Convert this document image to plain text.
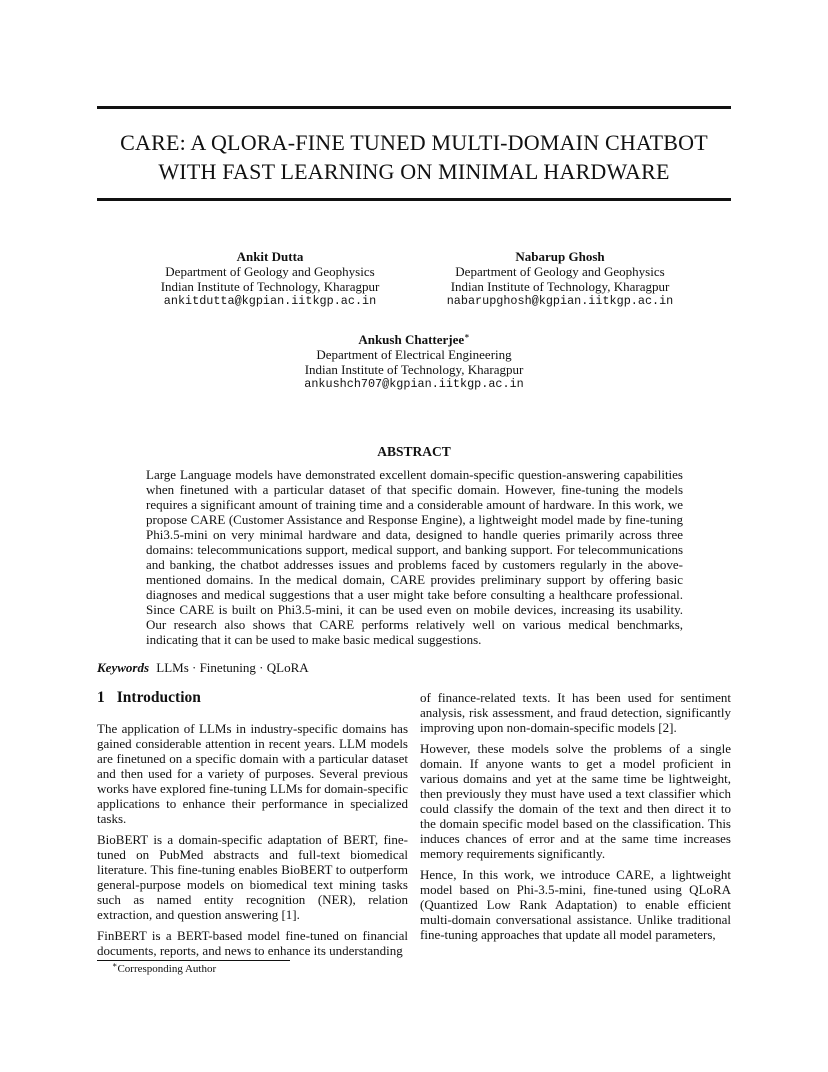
CARE: A QLORA-FINE TUNED MULTI-DOMAIN CHATBOT
WITH FAST LEARNING ON MINIMAL HARDWARE
Ankit Dutta
Department of Geology and Geophysics
Indian Institute of Technology, Kharagpur
ankitdutta@kgpian.iitkgp.ac.in
Nabarup Ghosh
Department of Geology and Geophysics
Indian Institute of Technology, Kharagpur
nabarupghosh@kgpian.iitkgp.ac.in
Ankush Chatterjee∗
Department of Electrical Engineering
Indian Institute of Technology, Kharagpur
ankushch707@kgpian.iitkgp.ac.in
ABSTRACT
Large Language models have demonstrated excellent domain-specific question-answering capabilities when finetuned with a particular dataset of that specific domain. However, fine-tuning the models requires a significant amount of training time and a considerable amount of hardware. In this work, we propose CARE (Customer Assistance and Response Engine), a lightweight model made by fine-tuning Phi3.5-mini on very minimal hardware and data, designed to handle queries primarily across three domains: telecommunications support, medical support, and banking support. For telecommunications and banking, the chatbot addresses issues and problems faced by customers regularly in the above-mentioned domains. In the medical domain, CARE provides preliminary support by offering basic diagnoses and medical suggestions that a user might take before consulting a healthcare professional. Since CARE is built on Phi3.5-mini, it can be used even on mobile devices, increasing its usability. Our research also shows that CARE performs relatively well on various medical benchmarks, indicating that it can be used to make basic medical suggestions.
Keywords LLMs · Finetuning · QLoRA
1 Introduction

The application of LLMs in industry-specific domains has gained considerable attention in recent years. LLM models are finetuned on a specific domain with a particular dataset and then used for a variety of purposes. Several previous works have explored fine-tuning LLMs for domain-specific applications to enhance their performance in specialized tasks.

BioBERT is a domain-specific adaptation of BERT, fine-tuned on PubMed abstracts and full-text biomedical literature. This fine-tuning enables BioBERT to outperform general-purpose models on biomedical text mining tasks such as named entity recognition (NER), relation extraction, and question answering [1].

FinBERT is a BERT-based model fine-tuned on financial documents, reports, and news to enhance its understanding

of finance-related texts. It has been used for sentiment analysis, risk assessment, and fraud detection, significantly improving upon non-domain-specific models [2].

However, these models solve the problems of a single domain. If anyone wants to get a model proficient in various domains and yet at the same time be lightweight, then previously they must have used a text classifier which could classify the domain of the text and then direct it to the domain specific model based on the classification. This induces chances of error and at the same time increases memory requirements significantly.

Hence, In this work, we introduce CARE, a lightweight model based on Phi-3.5-mini, fine-tuned using QLoRA (Quantized Low Rank Adaptation) to enable efficient multi-domain conversational assistance. Unlike traditional fine-tuning approaches that update all model parameters,

∗Corresponding Author
